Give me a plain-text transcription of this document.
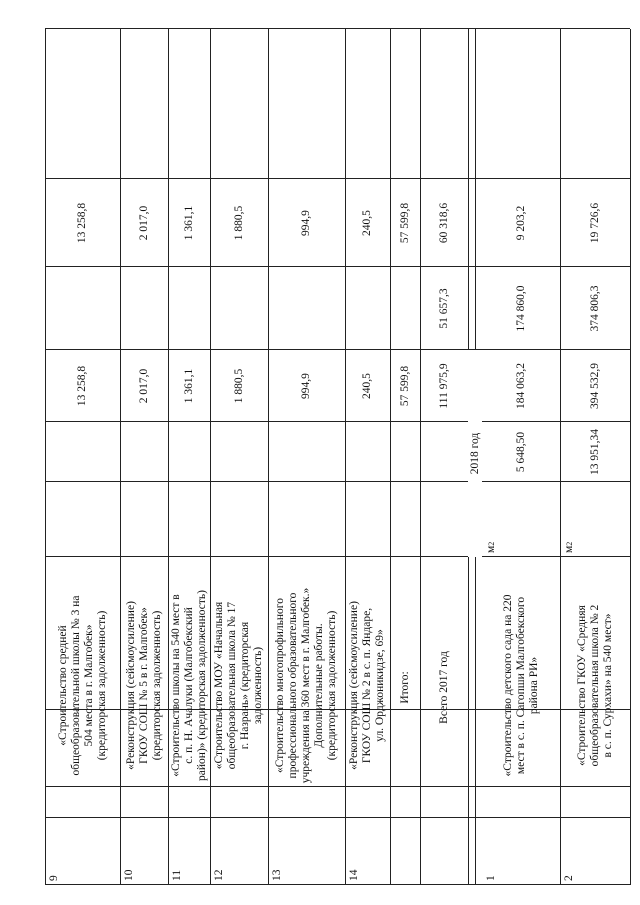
9
«Строительство средней
общеобразовательной школы № 3 на
504 места в г. Малгобек»
(кредиторская задолженность)
13 258,8
13 258,8
10
«Реконструкция (сейсмоусиление)
ГКОУ СОШ № 5 в г. Малгобек»
(кредиторская задолженность)
2 017,0
2 017,0
11
«Строительство школы на 540 мест в
с. п. Н. Ачалуки (Малгобекский
район)» (кредиторская задолженность)
1 361,1
1 361,1
12
«Строительство МОУ «Начальная
общеобразовательная школа № 17
г. Назрань» (кредиторская
задолженность)
1 880,5
1 880,5
13
«Строительство многопрофильного
профессионального образовательного
учреждения на 360 мест в г. Малгобек.»
Дополнительные работы.
(кредиторская задолженность)
994,9
994,9
14
«Реконструкция (сейсмоусиление)
ГКОУ СОШ № 2 в с. п. Яндаре,
ул. Орджоникидзе, 69»
240,5
240,5
Итого:
57 599,8
57 599,8
Всего 2017 год
111 975,9
51 657,3
60 318,6
2018 год
1
«Строительство детского сада на 220
мест в с. п. Сагопши Малгобекского
района РИ»
м
2
5 648,50
184 063,2
174 860,0
9 203,2
2
«Строительство ГКОУ «Средняя
общеобразовательная школа № 2
в с. п. Сурхахи» на 540 мест»
м
2
13 951,34
394 532,9
374 806,3
19 726,6
